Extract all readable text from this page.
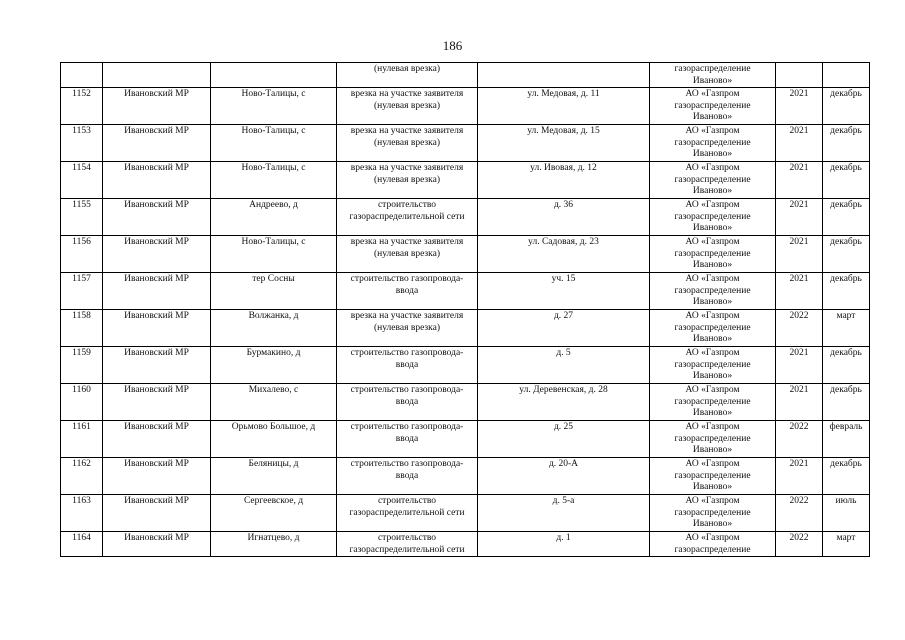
186

			(нулевая врезка)		газораспределение
Иваново»		

1152	Ивановский МР	Ново-Талицы, с	врезка на участке заявителя
(нулевая врезка)	ул. Медовая, д. 11	АО «Газпром
газораспределение
Иваново»	2021	декабрь
1153	Ивановский МР	Ново-Талицы, с	врезка на участке заявителя
(нулевая врезка)	ул. Медовая, д. 15	АО «Газпром
газораспределение
Иваново»	2021	декабрь
1154	Ивановский МР	Ново-Талицы, с	врезка на участке заявителя
(нулевая врезка)	ул. Ивовая, д. 12	АО «Газпром
газораспределение
Иваново»	2021	декабрь
1155	Ивановский МР	Андреево, д	строительство
газораспределительной сети	д. 36	АО «Газпром
газораспределение
Иваново»	2021	декабрь
1156	Ивановский МР	Ново-Талицы, с	врезка на участке заявителя
(нулевая врезка)	ул. Садовая, д. 23	АО «Газпром
газораспределение
Иваново»	2021	декабрь
1157	Ивановский МР	тер Сосны	строительство газопровода-
ввода	уч. 15	АО «Газпром
газораспределение
Иваново»	2021	декабрь
1158	Ивановский МР	Волжанка, д	врезка на участке заявителя
(нулевая врезка)	д. 27	АО «Газпром
газораспределение
Иваново»	2022	март
1159	Ивановский МР	Бурмакино, д	строительство газопровода-
ввода	д. 5	АО «Газпром
газораспределение
Иваново»	2021	декабрь
1160	Ивановский МР	Михалево, с	строительство газопровода-
ввода	ул. Деревенская, д. 28	АО «Газпром
газораспределение
Иваново»	2021	декабрь
1161	Ивановский МР	Орьмово Большое, д	строительство газопровода-
ввода	д. 25	АО «Газпром
газораспределение
Иваново»	2022	февраль
1162	Ивановский МР	Беляницы, д	строительство газопровода-
ввода	д. 20-А	АО «Газпром
газораспределение
Иваново»	2021	декабрь
1163	Ивановский МР	Сергеевское, д	строительство
газораспределительной сети	д. 5-а	АО «Газпром
газораспределение
Иваново»	2022	июль
1164	Ивановский МР	Игнатцево, д	строительство
газораспределительной сети	д. 1	АО «Газпром
газораспределение	2022	март
